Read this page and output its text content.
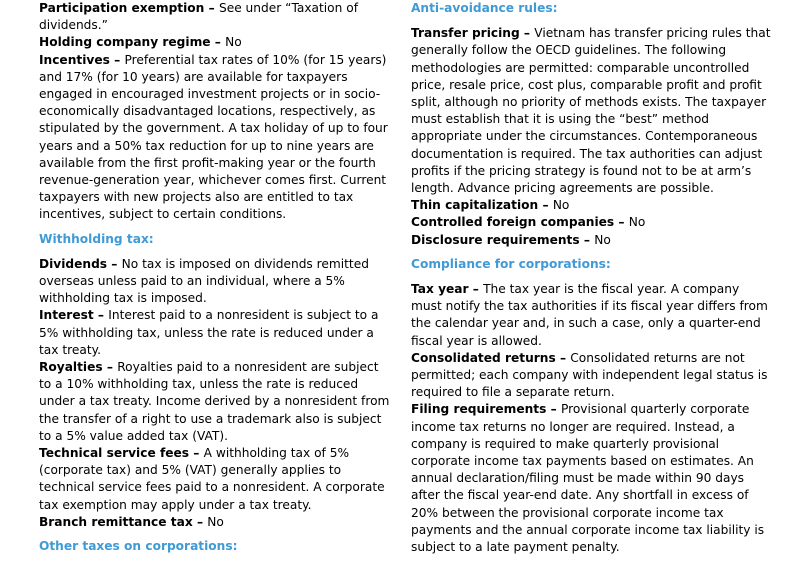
Participation exemption – See under “Taxation of dividends.”

Holding company regime – No

Incentives – Preferential tax rates of 10% (for 15 years) and 17% (for 10 years) are available for taxpayers engaged in encouraged investment projects or in socio-economically disadvantaged locations, respectively, as stipulated by the government. A tax holiday of up to four years and a 50% tax reduction for up to nine years are available from the first profit-making year or the fourth revenue-generation year, whichever comes first. Current taxpayers with new projects also are entitled to tax incentives, subject to certain conditions.

Withholding tax:

Dividends – No tax is imposed on dividends remitted overseas unless paid to an individual, where a 5% withholding tax is imposed.

Interest – Interest paid to a nonresident is subject to a 5% withholding tax, unless the rate is reduced under a tax treaty.

Royalties – Royalties paid to a nonresident are subject to a 10% withholding tax, unless the rate is reduced under a tax treaty. Income derived by a nonresident from the transfer of a right to use a trademark also is subject to a 5% value added tax (VAT).

Technical service fees – A withholding tax of 5% (corporate tax) and 5% (VAT) generally applies to technical service fees paid to a nonresident. A corporate tax exemption may apply under a tax treaty.

Branch remittance tax – No

Other taxes on corporations:
Anti-avoidance rules:

Transfer pricing – Vietnam has transfer pricing rules that generally follow the OECD guidelines. The following methodologies are permitted: comparable uncontrolled price, resale price, cost plus, comparable profit and profit split, although no priority of methods exists. The taxpayer must establish that it is using the “best” method appropriate under the circumstances. Contemporaneous documentation is required. The tax authorities can adjust profits if the pricing strategy is found not to be at arm’s length. Advance pricing agreements are possible.

Thin capitalization – No

Controlled foreign companies – No

Disclosure requirements – No

Compliance for corporations:

Tax year – The tax year is the fiscal year. A company must notify the tax authorities if its fiscal year differs from the calendar year and, in such a case, only a quarter-end fiscal year is allowed.

Consolidated returns – Consolidated returns are not permitted; each company with independent legal status is required to file a separate return.

Filing requirements – Provisional quarterly corporate income tax returns no longer are required. Instead, a company is required to make quarterly provisional corporate income tax payments based on estimates. An annual declaration/filing must be made within 90 days after the fiscal year-end date. Any shortfall in excess of 20% between the provisional corporate income tax payments and the annual corporate income tax liability is subject to a late payment penalty.
